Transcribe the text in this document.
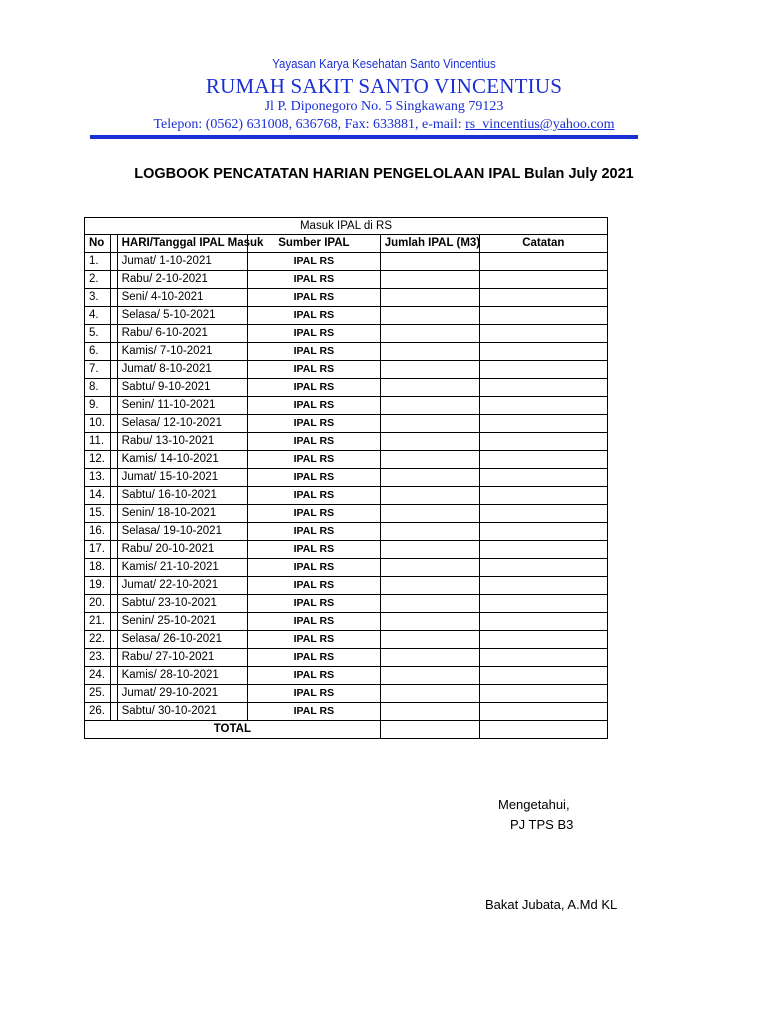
Yayasan Karya Kesehatan Santo Vincentius
RUMAH SAKIT SANTO VINCENTIUS
Jl P. Diponegoro No. 5 Singkawang 79123
Telepon: (0562) 631008, 636768, Fax: 633881, e-mail: rs_vincentius@yahoo.com
LOGBOOK PENCATATAN HARIAN PENGELOLAAN IPAL Bulan July 2021
Masuk IPAL di RS					
No		HARI/Tanggal IPAL Masuk	Sumber IPAL	Jumlah IPAL (M3)	Catatan
1.		Jumat/ 1-10-2021	IPAL RS		
2.		Rabu/ 2-10-2021	IPAL RS		
3.		Seni/ 4-10-2021	IPAL RS		
4.		Selasa/ 5-10-2021	IPAL RS		
5.		Rabu/ 6-10-2021	IPAL RS		
6.		Kamis/ 7-10-2021	IPAL RS		
7.		Jumat/ 8-10-2021	IPAL RS		
8.		Sabtu/ 9-10-2021	IPAL RS		
9.		Senin/ 11-10-2021	IPAL RS		
10.		Selasa/ 12-10-2021	IPAL RS		
11.		Rabu/ 13-10-2021	IPAL RS		
12.		Kamis/ 14-10-2021	IPAL RS		
13.		Jumat/ 15-10-2021	IPAL RS		
14.		Sabtu/ 16-10-2021	IPAL RS		
15.		Senin/ 18-10-2021	IPAL RS		
16.		Selasa/ 19-10-2021	IPAL RS		
17.		Rabu/ 20-10-2021	IPAL RS		
18.		Kamis/ 21-10-2021	IPAL RS		
19.		Jumat/ 22-10-2021	IPAL RS		
20.		Sabtu/ 23-10-2021	IPAL RS		
21.		Senin/ 25-10-2021	IPAL RS		
22.		Selasa/ 26-10-2021	IPAL RS		
23.		Rabu/ 27-10-2021	IPAL RS		
24.		Kamis/ 28-10-2021	IPAL RS		
25.		Jumat/ 29-10-2021	IPAL RS		
26.		Sabtu/ 30-10-2021	IPAL RS		
TOTAL					
Mengetahui,
PJ TPS B3
Bakat Jubata, A.Md KL
